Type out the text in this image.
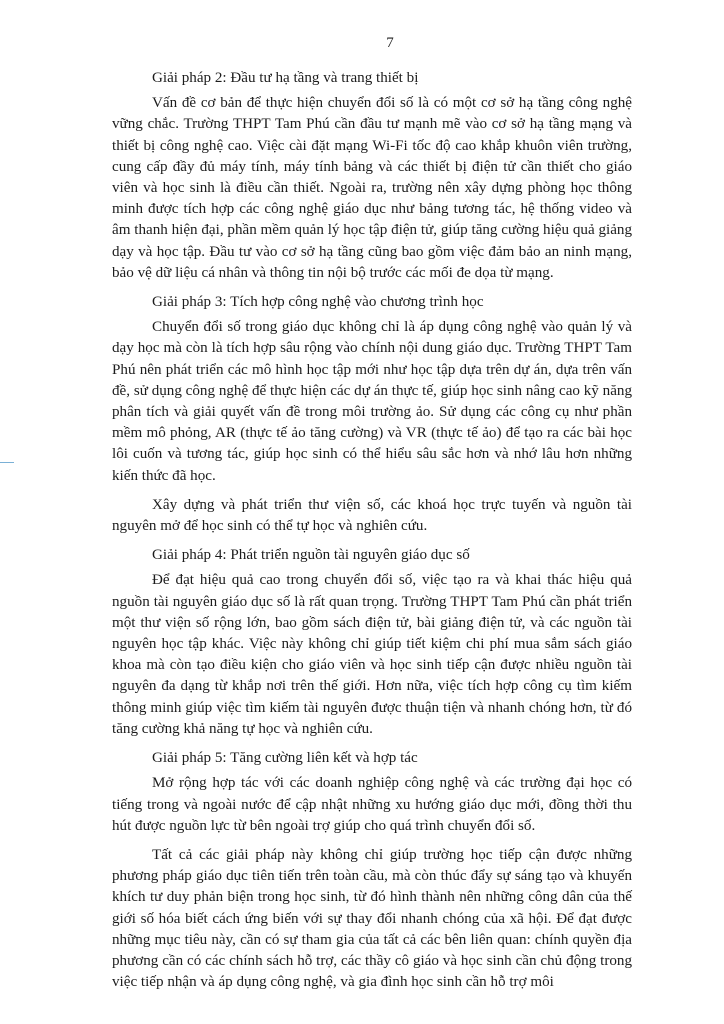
7

Giải pháp 2: Đầu tư hạ tầng và trang thiết bị

Vấn đề cơ bản để thực hiện chuyển đổi số là có một cơ sở hạ tầng công nghệ vững chắc. Trường THPT Tam Phú cần đầu tư mạnh mẽ vào cơ sở hạ tầng mạng và thiết bị công nghệ cao. Việc cài đặt mạng Wi-Fi tốc độ cao khắp khuôn viên trường, cung cấp đầy đủ máy tính, máy tính bảng và các thiết bị điện tử cần thiết cho giáo viên và học sinh là điều cần thiết. Ngoài ra, trường nên xây dựng phòng học thông minh được tích hợp các công nghệ giáo dục như bảng tương tác, hệ thống video và âm thanh hiện đại, phần mềm quản lý học tập điện tử, giúp tăng cường hiệu quả giảng dạy và học tập. Đầu tư vào cơ sở hạ tầng cũng bao gồm việc đảm bảo an ninh mạng, bảo vệ dữ liệu cá nhân và thông tin nội bộ trước các mối đe dọa từ mạng.

Giải pháp 3: Tích hợp công nghệ vào chương trình học

Chuyển đổi số trong giáo dục không chỉ là áp dụng công nghệ vào quản lý và dạy học mà còn là tích hợp sâu rộng vào chính nội dung giáo dục. Trường THPT Tam Phú nên phát triển các mô hình học tập mới như học tập dựa trên dự án, dựa trên vấn đề, sử dụng công nghệ để thực hiện các dự án thực tế, giúp học sinh nâng cao kỹ năng phân tích và giải quyết vấn đề trong môi trường ảo. Sử dụng các công cụ như phần mềm mô phỏng, AR (thực tế ảo tăng cường) và VR (thực tế ảo) để tạo ra các bài học lôi cuốn và tương tác, giúp học sinh có thể hiểu sâu sắc hơn và nhớ lâu hơn những kiến thức đã học.

Xây dựng và phát triển thư viện số, các khoá học trực tuyến và nguồn tài nguyên mở để học sinh có thể tự học và nghiên cứu.

Giải pháp 4: Phát triển nguồn tài nguyên giáo dục số

Để đạt hiệu quả cao trong chuyển đổi số, việc tạo ra và khai thác hiệu quả nguồn tài nguyên giáo dục số là rất quan trọng. Trường THPT Tam Phú cần phát triển một thư viện số rộng lớn, bao gồm sách điện tử, bài giảng điện tử, và các nguồn tài nguyên học tập khác. Việc này không chỉ giúp tiết kiệm chi phí mua sắm sách giáo khoa mà còn tạo điều kiện cho giáo viên và học sinh tiếp cận được nhiều nguồn tài nguyên đa dạng từ khắp nơi trên thế giới. Hơn nữa, việc tích hợp công cụ tìm kiếm thông minh giúp việc tìm kiếm tài nguyên được thuận tiện và nhanh chóng hơn, từ đó tăng cường khả năng tự học và nghiên cứu.

Giải pháp 5: Tăng cường liên kết và hợp tác

Mở rộng hợp tác với các doanh nghiệp công nghệ và các trường đại học có tiếng trong và ngoài nước để cập nhật những xu hướng giáo dục mới, đồng thời thu hút được nguồn lực từ bên ngoài trợ giúp cho quá trình chuyển đổi số.

Tất cả các giải pháp này không chỉ giúp trường học tiếp cận được những phương pháp giáo dục tiên tiến trên toàn cầu, mà còn thúc đẩy sự sáng tạo và khuyến khích tư duy phản biện trong học sinh, từ đó hình thành nên những công dân của thế giới số hóa biết cách ứng biến với sự thay đổi nhanh chóng của xã hội. Để đạt được những mục tiêu này, cần có sự tham gia của tất cả các bên liên quan: chính quyền địa phương cần có các chính sách hỗ trợ, các thầy cô giáo và học sinh cần chủ động trong việc tiếp nhận và áp dụng công nghệ, và gia đình học sinh cần hỗ trợ môi
